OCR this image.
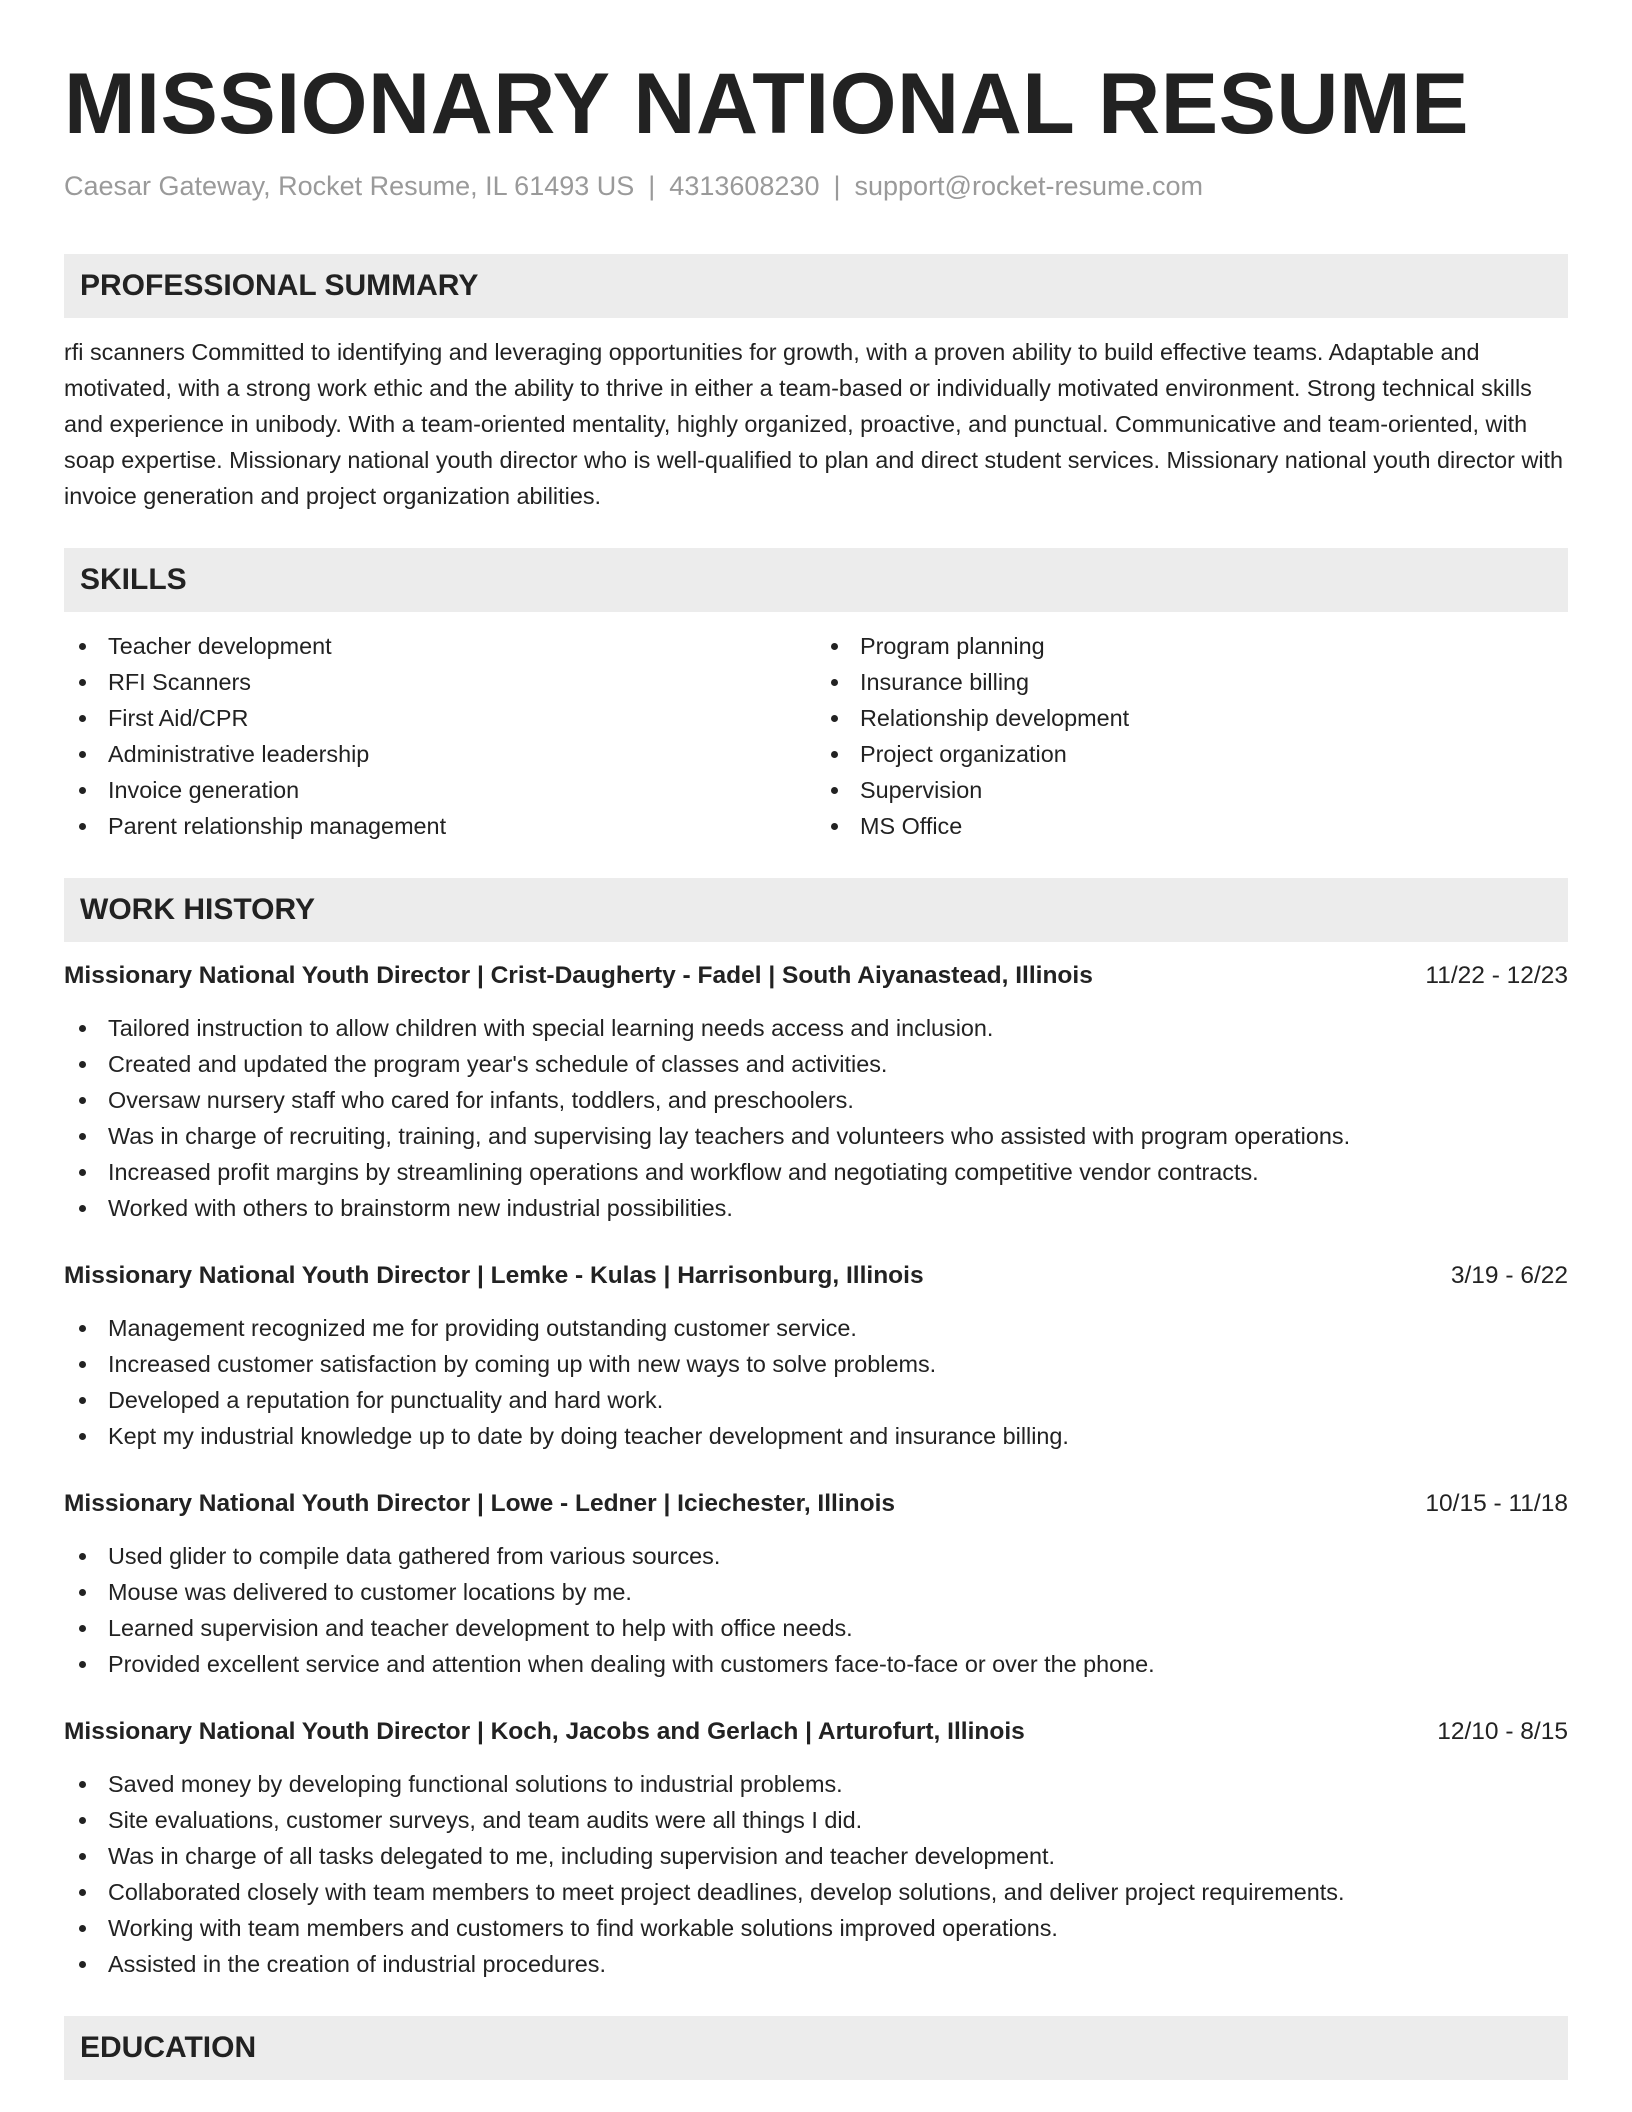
MISSIONARY NATIONAL RESUME
Caesar Gateway, Rocket Resume, IL 61493 US | 4313608230 | support@rocket-resume.com
PROFESSIONAL SUMMARY

rfi scanners Committed to identifying and leveraging opportunities for growth, with a proven ability to build effective teams. Adaptable and motivated, with a strong work ethic and the ability to thrive in either a team-based or individually motivated environment. Strong technical skills and experience in unibody. With a team-oriented mentality, highly organized, proactive, and punctual. Communicative and team-oriented, with soap expertise. Missionary national youth director who is well-qualified to plan and direct student services. Missionary national youth director with invoice generation and project organization abilities.

SKILLS
Teacher development
RFI Scanners
First Aid/CPR
Administrative leadership
Invoice generation
Parent relationship management
Program planning
Insurance billing
Relationship development
Project organization
Supervision
MS Office
WORK HISTORY
Missionary National Youth Director | Crist-Daugherty - Fadel | South Aiyanastead, Illinois	11/22 - 12/23
Tailored instruction to allow children with special learning needs access and inclusion.
Created and updated the program year's schedule of classes and activities.
Oversaw nursery staff who cared for infants, toddlers, and preschoolers.
Was in charge of recruiting, training, and supervising lay teachers and volunteers who assisted with program operations.
Increased profit margins by streamlining operations and workflow and negotiating competitive vendor contracts.
Worked with others to brainstorm new industrial possibilities.
Missionary National Youth Director | Lemke - Kulas | Harrisonburg, Illinois	3/19 - 6/22
Management recognized me for providing outstanding customer service.
Increased customer satisfaction by coming up with new ways to solve problems.
Developed a reputation for punctuality and hard work.
Kept my industrial knowledge up to date by doing teacher development and insurance billing.
Missionary National Youth Director | Lowe - Ledner | Iciechester, Illinois	10/15 - 11/18
Used glider to compile data gathered from various sources.
Mouse was delivered to customer locations by me.
Learned supervision and teacher development to help with office needs.
Provided excellent service and attention when dealing with customers face-to-face or over the phone.
Missionary National Youth Director | Koch, Jacobs and Gerlach | Arturofurt, Illinois	12/10 - 8/15
Saved money by developing functional solutions to industrial problems.
Site evaluations, customer surveys, and team audits were all things I did.
Was in charge of all tasks delegated to me, including supervision and teacher development.
Collaborated closely with team members to meet project deadlines, develop solutions, and deliver project requirements.
Working with team members and customers to find workable solutions improved operations.
Assisted in the creation of industrial procedures.
EDUCATION
